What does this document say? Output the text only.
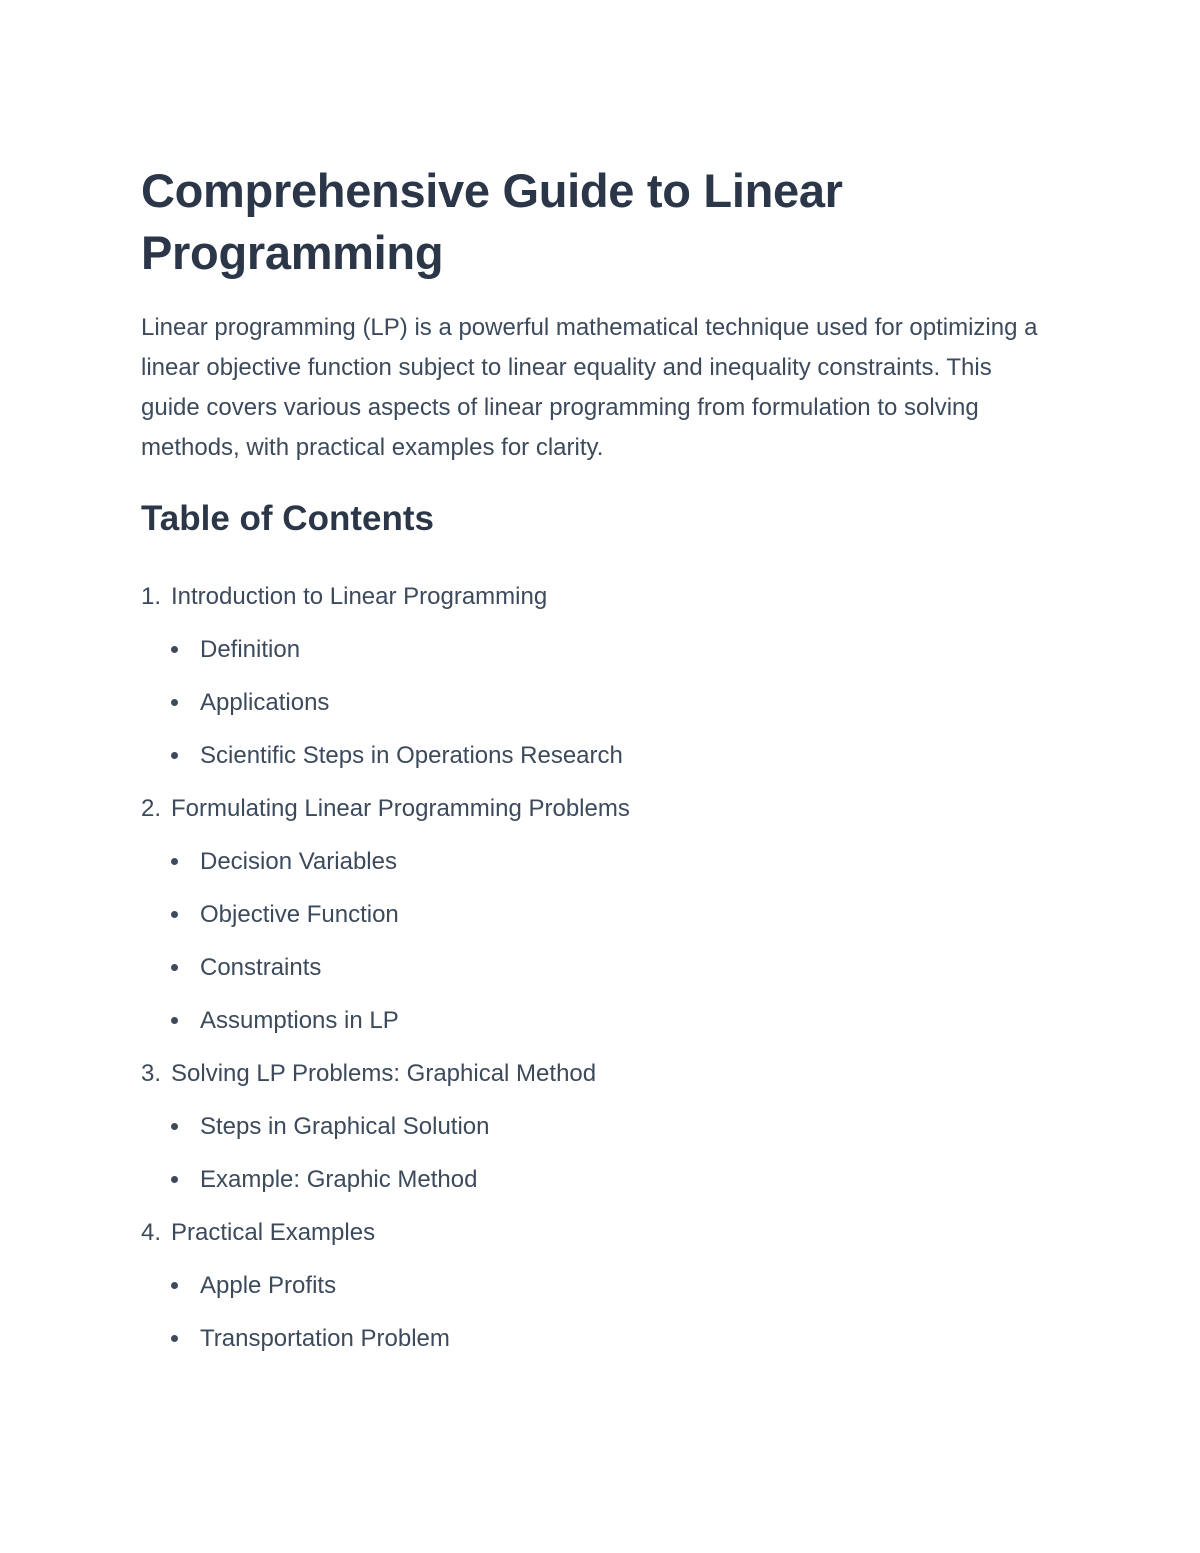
Comprehensive Guide to Linear Programming

Linear programming (LP) is a powerful mathematical technique used for optimizing a linear objective function subject to linear equality and inequality constraints. This guide covers various aspects of linear programming from formulation to solving methods, with practical examples for clarity.

Table of Contents
1. Introduction to Linear Programming
Definition
Applications
Scientific Steps in Operations Research
2. Formulating Linear Programming Problems
Decision Variables
Objective Function
Constraints
Assumptions in LP
3. Solving LP Problems: Graphical Method
Steps in Graphical Solution
Example: Graphic Method
4. Practical Examples
Apple Profits
Transportation Problem
